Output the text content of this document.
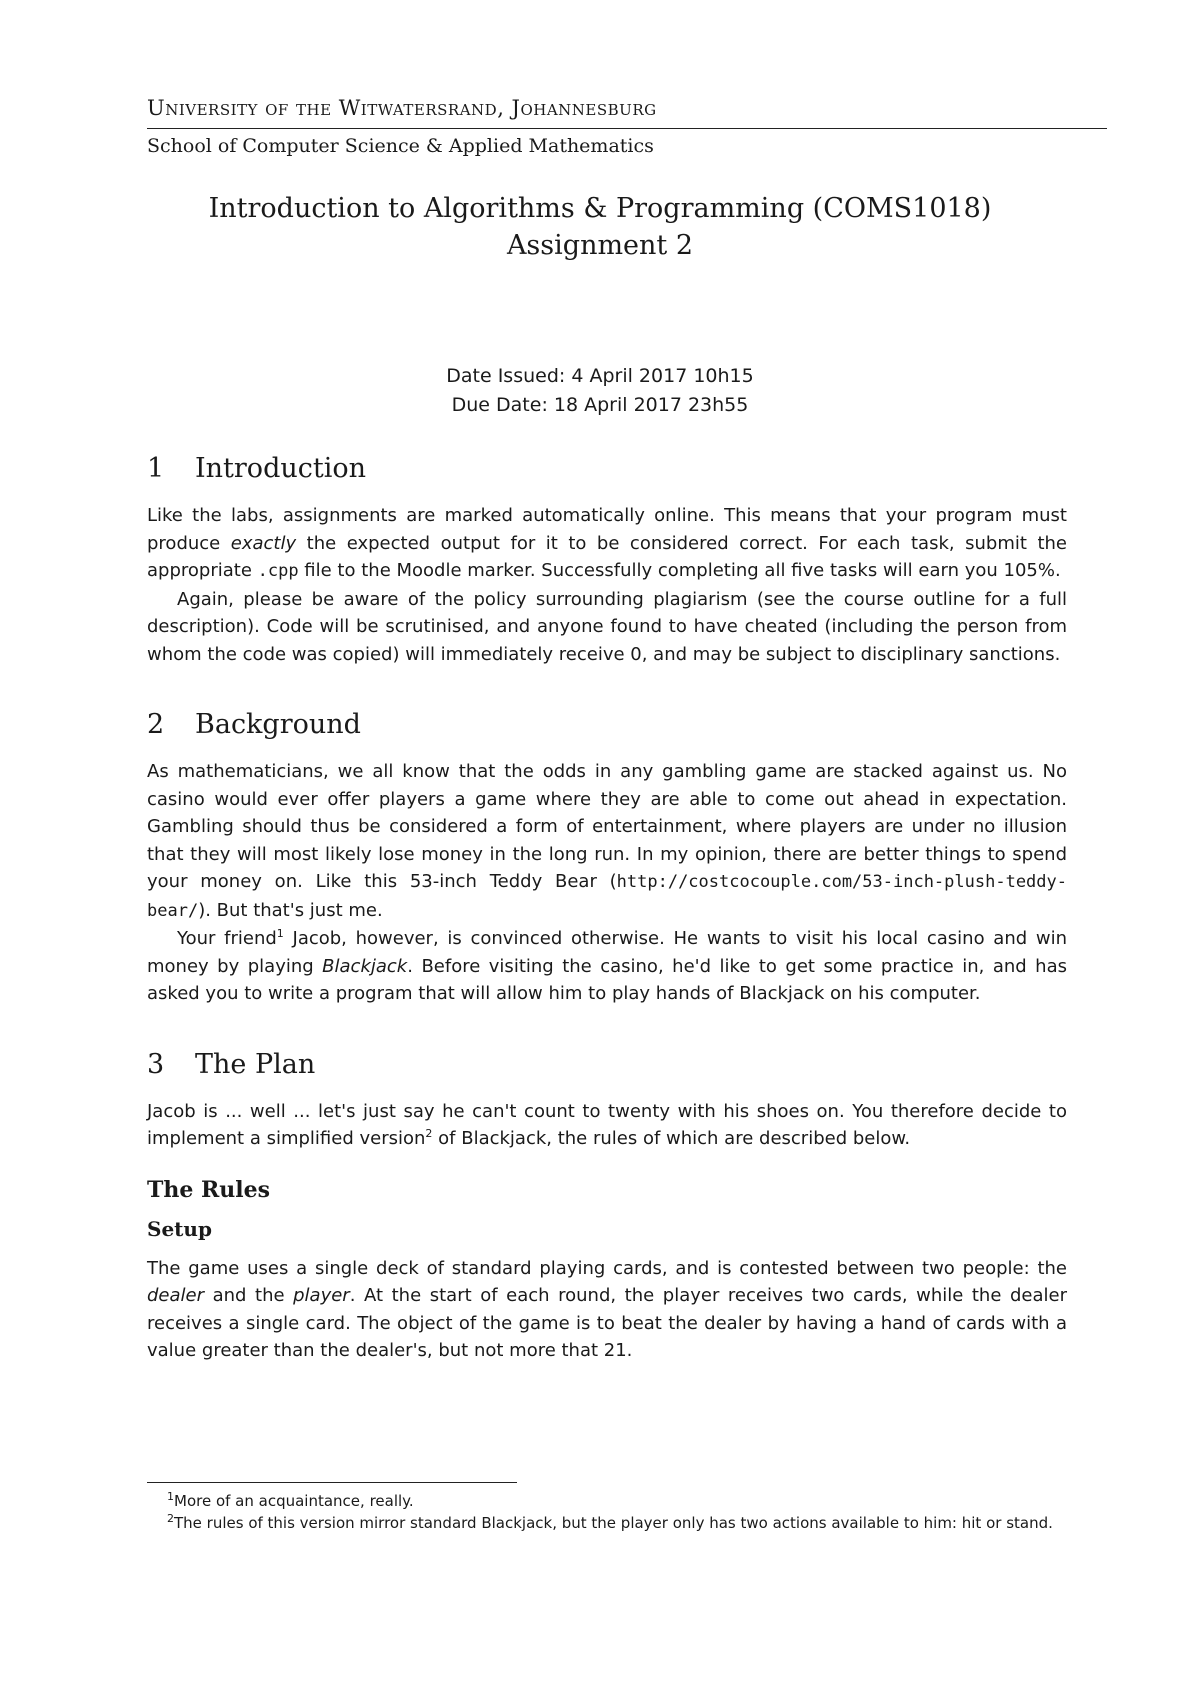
University of the Witwatersrand, Johannesburg

School of Computer Science & Applied Mathematics

Introduction to Algorithms & Programming (COMS1018)

Assignment 2

Date Issued: 4 April 2017 10h15

Due Date: 18 April 2017 23h55

1 Introduction

Like the labs, assignments are marked automatically online. This means that your program must produce exactly the expected output for it to be considered correct. For each task, submit the appropriate .cpp file to the Moodle marker. Successfully completing all five tasks will earn you 105%.

Again, please be aware of the policy surrounding plagiarism (see the course outline for a full description). Code will be scrutinised, and anyone found to have cheated (including the person from whom the code was copied) will immediately receive 0, and may be subject to disciplinary sanctions.

2 Background

As mathematicians, we all know that the odds in any gambling game are stacked against us. No casino would ever offer players a game where they are able to come out ahead in expectation. Gambling should thus be considered a form of entertainment, where players are under no illusion that they will most likely lose money in the long run. In my opinion, there are better things to spend your money on. Like this 53-inch Teddy Bear (http://costcocouple.com/53-inch-plush-teddy-bear/). But that's just me.

Your friend$^1$ Jacob, however, is convinced otherwise. He wants to visit his local casino and win money by playing Blackjack. Before visiting the casino, he'd like to get some practice in, and has asked you to write a program that will allow him to play hands of Blackjack on his computer.

3 The Plan

Jacob is ... well ... let's just say he can't count to twenty with his shoes on. You therefore decide to implement a simplified version$^2$ of Blackjack, the rules of which are described below.

The Rules
Setup

The game uses a single deck of standard playing cards, and is contested between two people: the dealer and the player. At the start of each round, the player receives two cards, while the dealer receives a single card. The object of the game is to beat the dealer by having a hand of cards with a value greater than the dealer's, but not more that 21.

$^1$More of an acquaintance, really.

$^2$The rules of this version mirror standard Blackjack, but the player only has two actions available to him: hit or stand.
